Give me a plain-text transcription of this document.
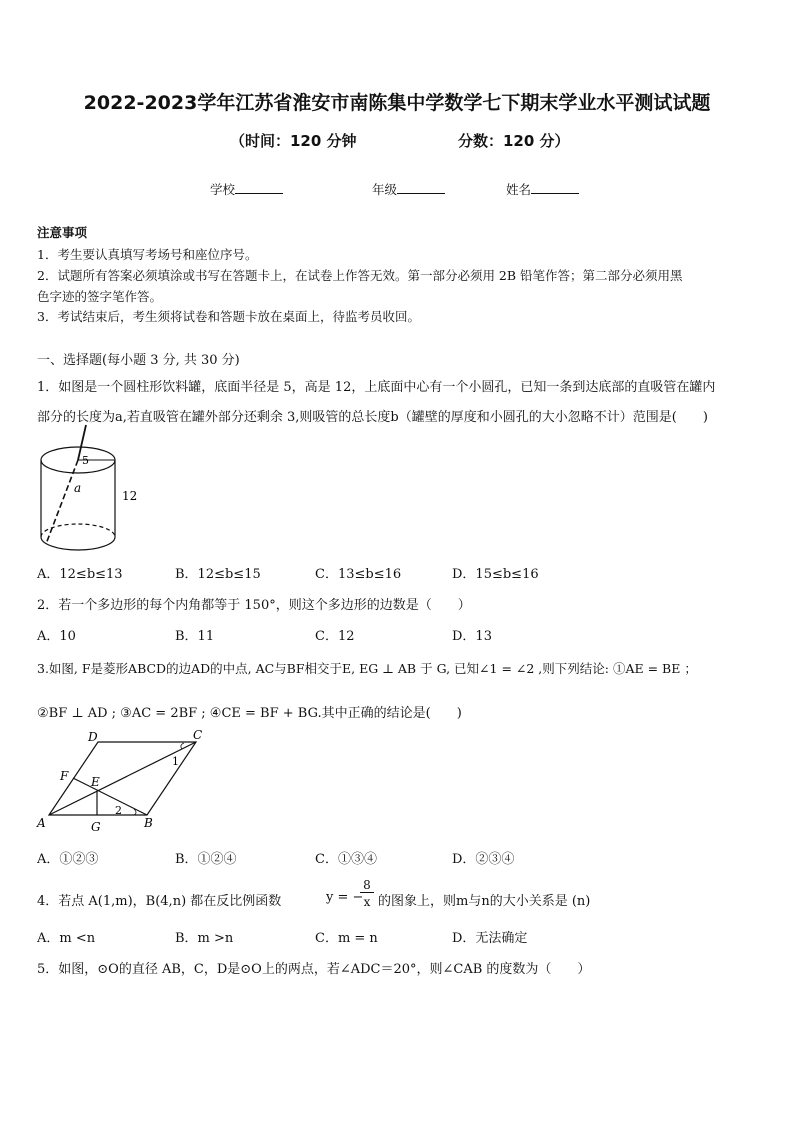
2022-2023学年江苏省淮安市南陈集中学数学七下期末学业水平测试试题
（时间：120 分钟	分数：120 分）
学校	年级	姓名
注意事项
1．考生要认真填写考场号和座位序号。
2．试题所有答案必须填涂或书写在答题卡上，在试卷上作答无效。第一部分必须用 2B 铅笔作答；第二部分必须用黑
色字迹的签字笔作答。
3．考试结束后，考生须将试卷和答题卡放在桌面上，待监考员收回。
一、选择题(每小题 3 分, 共 30 分)
1．如图是一个圆柱形饮料罐，底面半径是 5，高是 12，上底面中心有一个小圆孔，已知一条到达底部的直吸管在罐内
部分的长度为a,若直吸管在罐外部分还剩余 3,则吸管的总长度b（罐壁的厚度和小圆孔的大小忽略不计）范围是(　　)
5
a
12
A．12≤b≤13	B．12≤b≤15	C．13≤b≤16	D．15≤b≤16
2．若一个多边形的每个内角都等于 150°，则这个多边形的边数是（　　）
A．10	B．11	C．12	D．13
3.如图, F是菱形ABCD的边AD的中点, AC与BF相交于E, EG ⊥ AB 于 G, 已知∠1 = ∠2 ,则下列结论: ①AE = BE ；
②BF ⊥ AD ; ③AC = 2BF ; ④CE = BF + BG.其中正确的结论是(　　)
D	C
F E
A	G	B
1
2
A．①②③	B．①②④	C．①③④	D．②③④
4．若点 A(1,m)，B(4,n) 都在反比例函数	y = −
8
x 的图象上，则m与n的大小关系是 (n)
A．m <n	B．m >n	C．m = n	D．无法确定
5．如图，⊙O的直径 AB，C，D是⊙O上的两点，若∠ADC＝20°，则∠CAB 的度数为（　　）
